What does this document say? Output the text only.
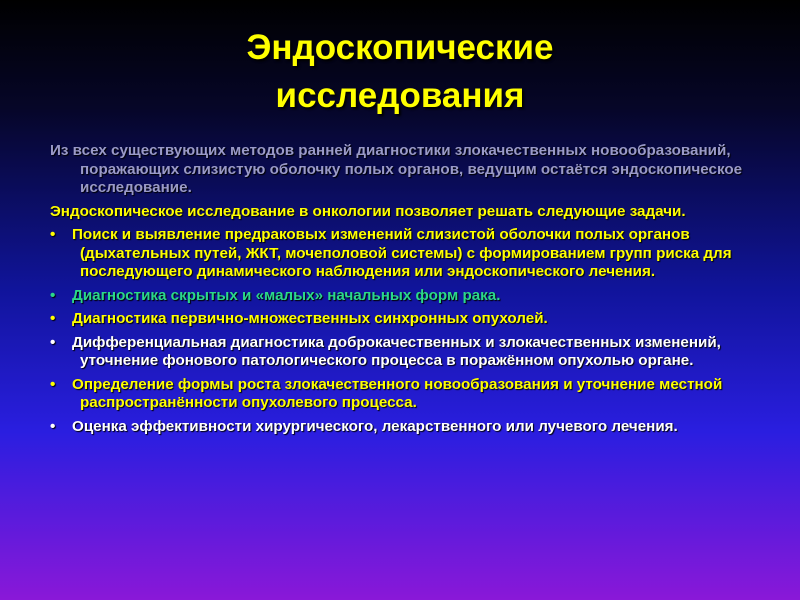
Эндоскопические
исследования

Из всех существующих методов ранней диагностики злокачественных новообразований, поражающих слизистую оболочку полых органов, ведущим остаётся эндоскопическое исследование.

Эндоскопическое исследование в онкологии позволяет решать следующие задачи.

• Поиск и выявление предраковых изменений слизистой оболочки полых органов (дыхательных путей, ЖКТ, мочеполовой системы) с формированием групп риска для последующего динамического наблюдения или эндоскопического лечения.
• Диагностика скрытых и «малых» начальных форм рака.
• Диагностика первично-множественных синхронных опухолей.
• Дифференциальная диагностика доброкачественных и злокачественных изменений, уточнение фонового патологического процесса в поражённом опухолью органе.
• Определение формы роста злокачественного новообразования и уточнение местной распространённости опухолевого процесса.
• Оценка эффективности хирургического, лекарственного или лучевого лечения.
